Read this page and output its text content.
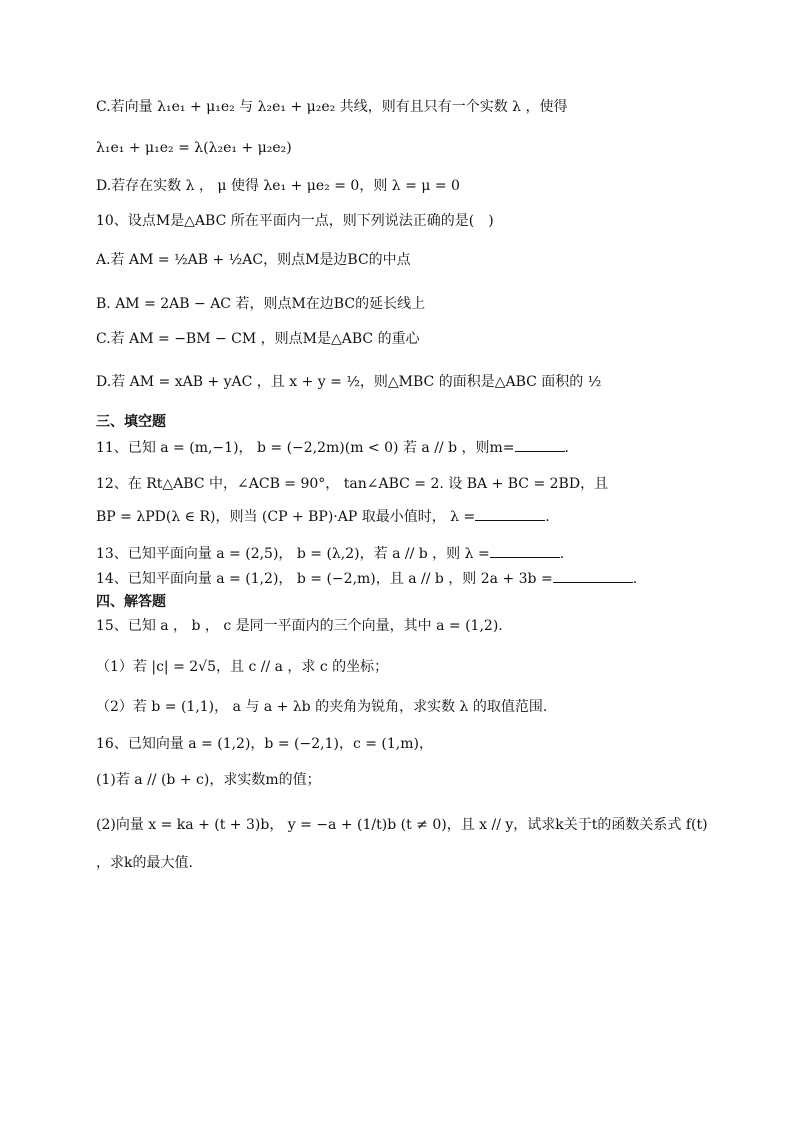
C.若向量 λ₁e₁ + μ₁e₂ 与 λ₂e₁ + μ₂e₂ 共线，则有且只有一个实数 λ ，使得
λ₁e₁ + μ₁e₂ = λ(λ₂e₁ + μ₂e₂)
D.若存在实数 λ ， μ 使得 λe₁ + μe₂ = 0，则 λ = μ = 0
10、设点M是△ABC 所在平面内一点，则下列说法正确的是(　)
A.若 AM = ½AB + ½AC，则点M是边BC的中点
B. AM = 2AB − AC 若，则点M在边BC的延长线上
C.若 AM = −BM − CM ，则点M是△ABC 的重心
D.若 AM = xAB + yAC ，且 x + y = ½，则△MBC 的面积是△ABC 面积的 ½
三、填空题
11、已知 a = (m,−1)， b = (−2,2m)(m < 0) 若 a // b ，则m=	.
12、在 Rt△ABC 中，∠ACB = 90°， tan∠ABC = 2. 设 BA + BC = 2BD，且
BP = λPD(λ ∈ R)，则当 (CP + BP)·AP 取最小值时， λ =	.
13、已知平面向量 a = (2,5)， b = (λ,2)，若 a // b ，则 λ =	.
14、已知平面向量 a = (1,2)， b = (−2,m)，且 a // b ，则 2a + 3b =	.
四、解答题
15、已知 a ， b ， c 是同一平面内的三个向量，其中 a = (1,2).
（1）若 |c| = 2√5，且 c // a ，求 c 的坐标；
（2）若 b = (1,1)， a 与 a + λb 的夹角为锐角，求实数 λ 的取值范围.
16、已知向量 a = (1,2)，b = (−2,1)，c = (1,m)，
(1)若 a // (b + c)，求实数m的值；
(2)向量 x = ka + (t + 3)b， y = −a + (1/t)b (t ≠ 0)，且 x // y，试求k关于t的函数关系式 f(t)
，求k的最大值.
